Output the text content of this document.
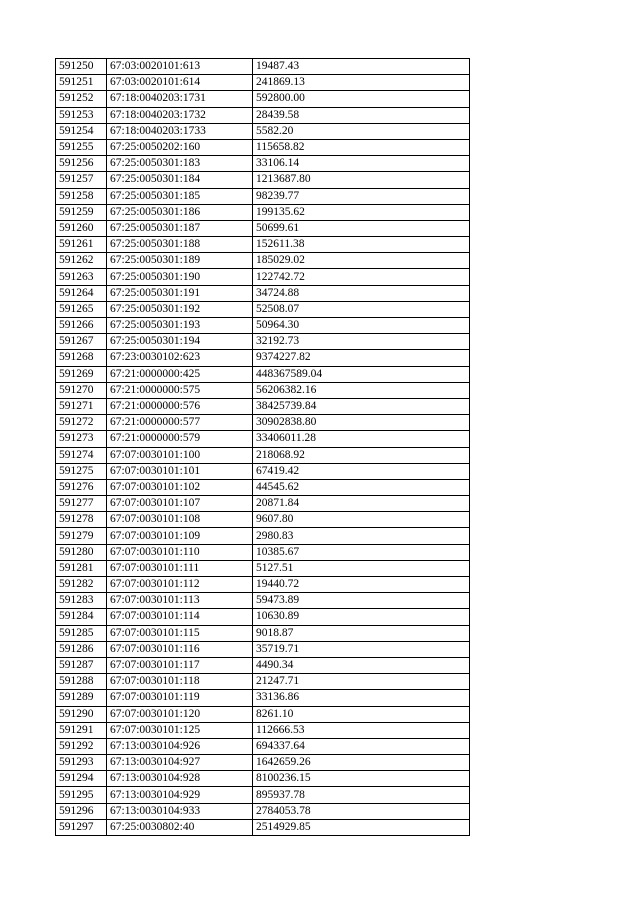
591250	67:03:0020101:613	19487.43
591251	67:03:0020101:614	241869.13
591252	67:18:0040203:1731	592800.00
591253	67:18:0040203:1732	28439.58
591254	67:18:0040203:1733	5582.20
591255	67:25:0050202:160	115658.82
591256	67:25:0050301:183	33106.14
591257	67:25:0050301:184	1213687.80
591258	67:25:0050301:185	98239.77
591259	67:25:0050301:186	199135.62
591260	67:25:0050301:187	50699.61
591261	67:25:0050301:188	152611.38
591262	67:25:0050301:189	185029.02
591263	67:25:0050301:190	122742.72
591264	67:25:0050301:191	34724.88
591265	67:25:0050301:192	52508.07
591266	67:25:0050301:193	50964.30
591267	67:25:0050301:194	32192.73
591268	67:23:0030102:623	9374227.82
591269	67:21:0000000:425	448367589.04
591270	67:21:0000000:575	56206382.16
591271	67:21:0000000:576	38425739.84
591272	67:21:0000000:577	30902838.80
591273	67:21:0000000:579	33406011.28
591274	67:07:0030101:100	218068.92
591275	67:07:0030101:101	67419.42
591276	67:07:0030101:102	44545.62
591277	67:07:0030101:107	20871.84
591278	67:07:0030101:108	9607.80
591279	67:07:0030101:109	2980.83
591280	67:07:0030101:110	10385.67
591281	67:07:0030101:111	5127.51
591282	67:07:0030101:112	19440.72
591283	67:07:0030101:113	59473.89
591284	67:07:0030101:114	10630.89
591285	67:07:0030101:115	9018.87
591286	67:07:0030101:116	35719.71
591287	67:07:0030101:117	4490.34
591288	67:07:0030101:118	21247.71
591289	67:07:0030101:119	33136.86
591290	67:07:0030101:120	8261.10
591291	67:07:0030101:125	112666.53
591292	67:13:0030104:926	694337.64
591293	67:13:0030104:927	1642659.26
591294	67:13:0030104:928	8100236.15
591295	67:13:0030104:929	895937.78
591296	67:13:0030104:933	2784053.78
591297	67:25:0030802:40	2514929.85
